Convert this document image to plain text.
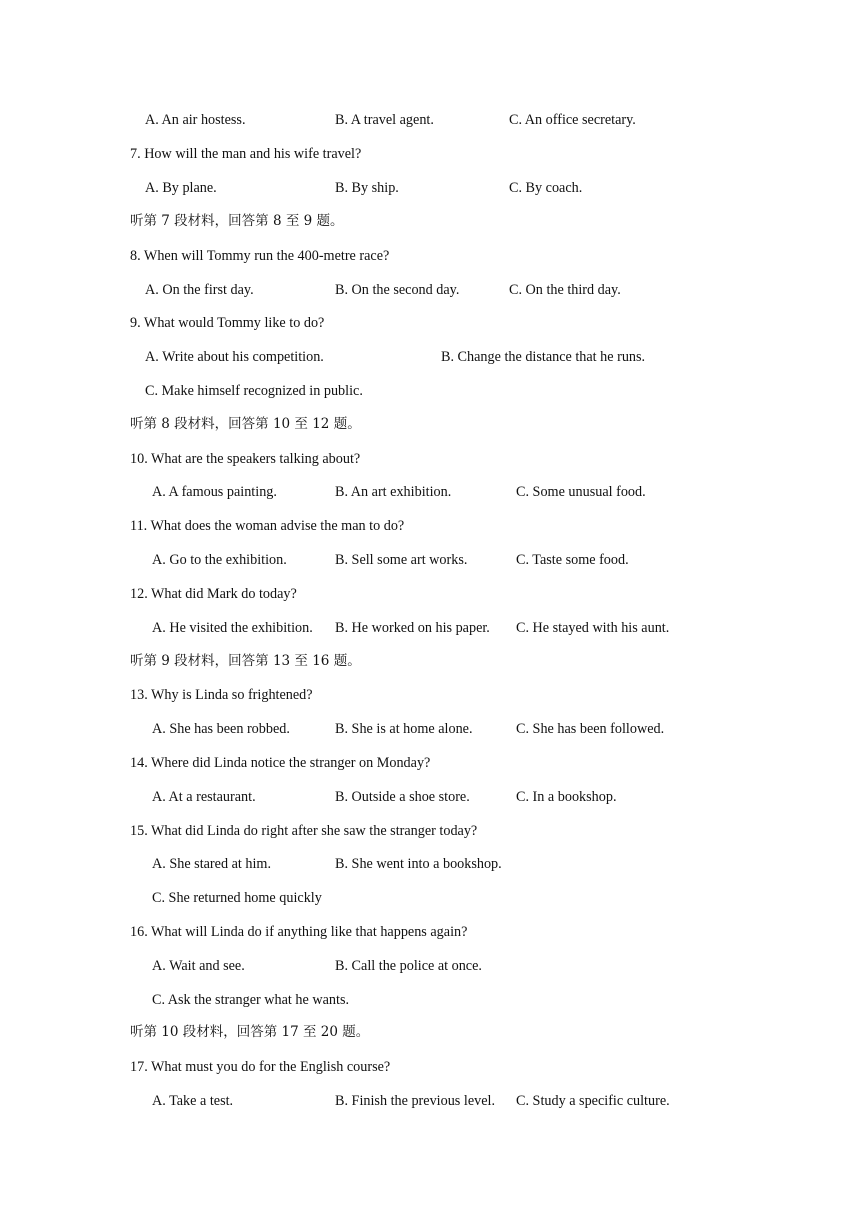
A. An air hostess.	B. A travel agent.	C. An office secretary.
7. How will the man and his wife travel?
A. By plane.	B. By ship.	C. By coach.
听第 7 段材料，回答第 8 至 9 题。
8. When will Tommy run the 400-metre race?
A. On the first day.	B. On the second day.	C. On the third day.
9. What would Tommy like to do?
A. Write about his competition.	B. Change the distance that he runs.
C. Make himself recognized in public.
听第 8 段材料，回答第 10 至 12 题。
10. What are the speakers talking about?
A. A famous painting.	B. An art exhibition.	C. Some unusual food.
11. What does the woman advise the man to do?
A. Go to the exhibition.	B. Sell some art works.	C. Taste some food.
12. What did Mark do today?
A. He visited the exhibition. B. He worked on his paper. C. He stayed with his aunt.
听第 9 段材料，回答第 13 至 16 题。
13. Why is Linda so frightened?
A. She has been robbed.	B. She is at home alone.	C. She has been followed.
14. Where did Linda notice the stranger on Monday?
A. At a restaurant.	B. Outside a shoe store.	C. In a bookshop.
15. What did Linda do right after she saw the stranger today?
A. She stared at him.	B. She went into a bookshop.
C. She returned home quickly
16. What will Linda do if anything like that happens again?
A. Wait and see.	B. Call the police at once.
C. Ask the stranger what he wants.
听第 10 段材料，回答第 17 至 20 题。
17. What must you do for the English course?
A. Take a test.	B. Finish the previous level. C. Study a specific culture.
